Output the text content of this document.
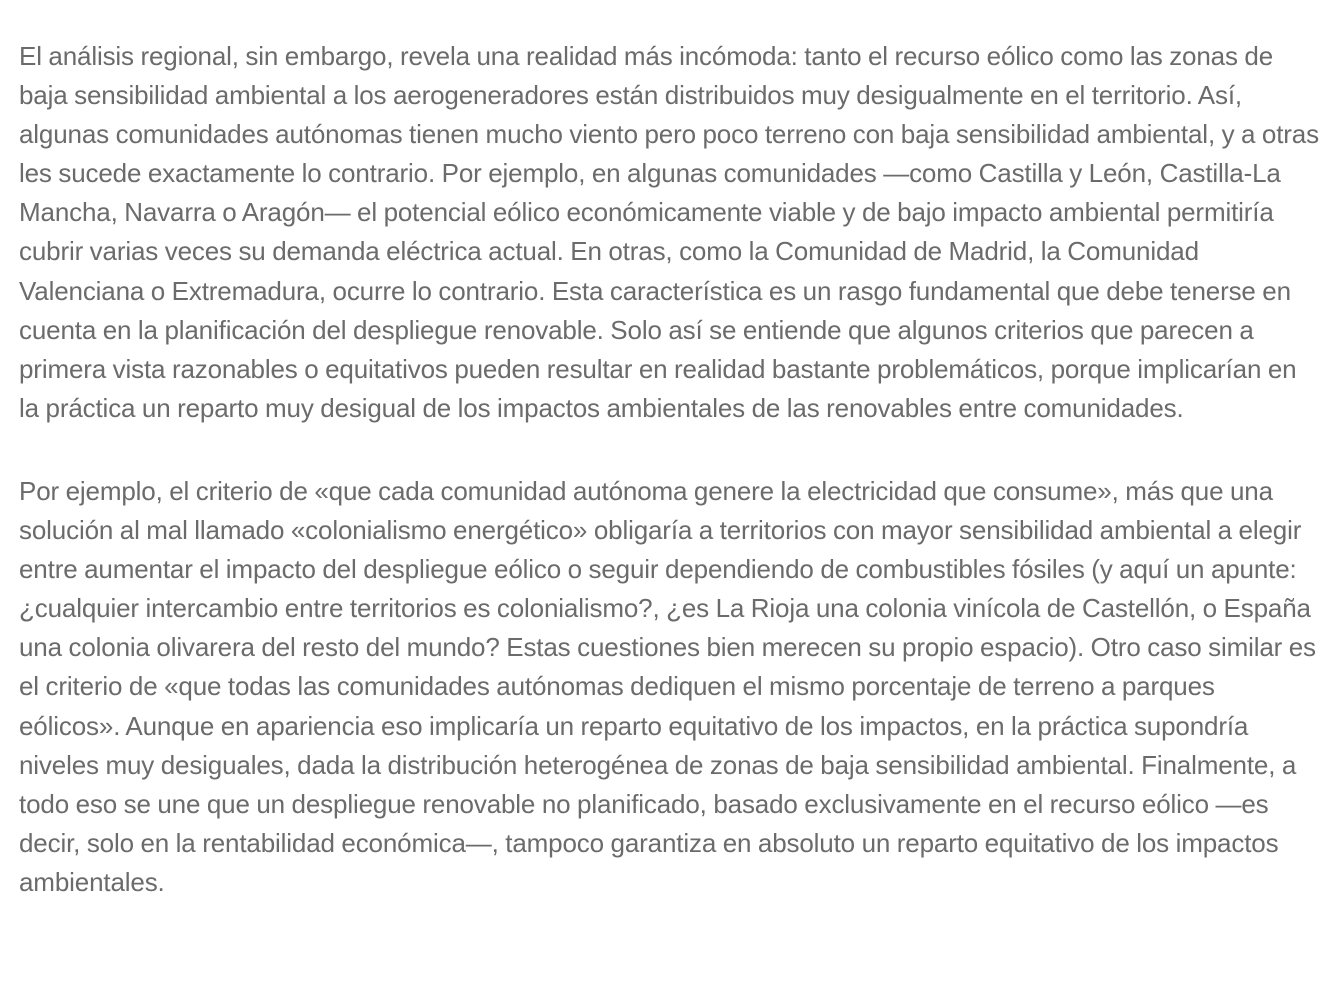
El análisis regional, sin embargo, revela una realidad más incómoda: tanto el recurso eólico como las zonas de baja sensibilidad ambiental a los aerogeneradores están distribuidos muy desigualmente en el territorio. Así, algunas comunidades autónomas tienen mucho viento pero poco terreno con baja sensibilidad ambiental, y a otras les sucede exactamente lo contrario. Por ejemplo, en algunas comunidades —como Castilla y León, Castilla-La Mancha, Navarra o Aragón— el potencial eólico económicamente viable y de bajo impacto ambiental permitiría cubrir varias veces su demanda eléctrica actual. En otras, como la Comunidad de Madrid, la Comunidad Valenciana o Extremadura, ocurre lo contrario. Esta característica es un rasgo fundamental que debe tenerse en cuenta en la planificación del despliegue renovable. Solo así se entiende que algunos criterios que parecen a primera vista razonables o equitativos pueden resultar en realidad bastante problemáticos, porque implicarían en la práctica un reparto muy desigual de los impactos ambientales de las renovables entre comunidades.

Por ejemplo, el criterio de «que cada comunidad autónoma genere la electricidad que consume», más que una solución al mal llamado «colonialismo energético» obligaría a territorios con mayor sensibilidad ambiental a elegir entre aumentar el impacto del despliegue eólico o seguir dependiendo de combustibles fósiles (y aquí un apunte: ¿cualquier intercambio entre territorios es colonialismo?, ¿es La Rioja una colonia vinícola de Castellón, o España una colonia olivarera del resto del mundo? Estas cuestiones bien merecen su propio espacio). Otro caso similar es el criterio de «que todas las comunidades autónomas dediquen el mismo porcentaje de terreno a parques eólicos». Aunque en apariencia eso implicaría un reparto equitativo de los impactos, en la práctica supondría niveles muy desiguales, dada la distribución heterogénea de zonas de baja sensibilidad ambiental. Finalmente, a todo eso se une que un despliegue renovable no planificado, basado exclusivamente en el recurso eólico —es decir, solo en la rentabilidad económica—, tampoco garantiza en absoluto un reparto equitativo de los impactos ambientales.
